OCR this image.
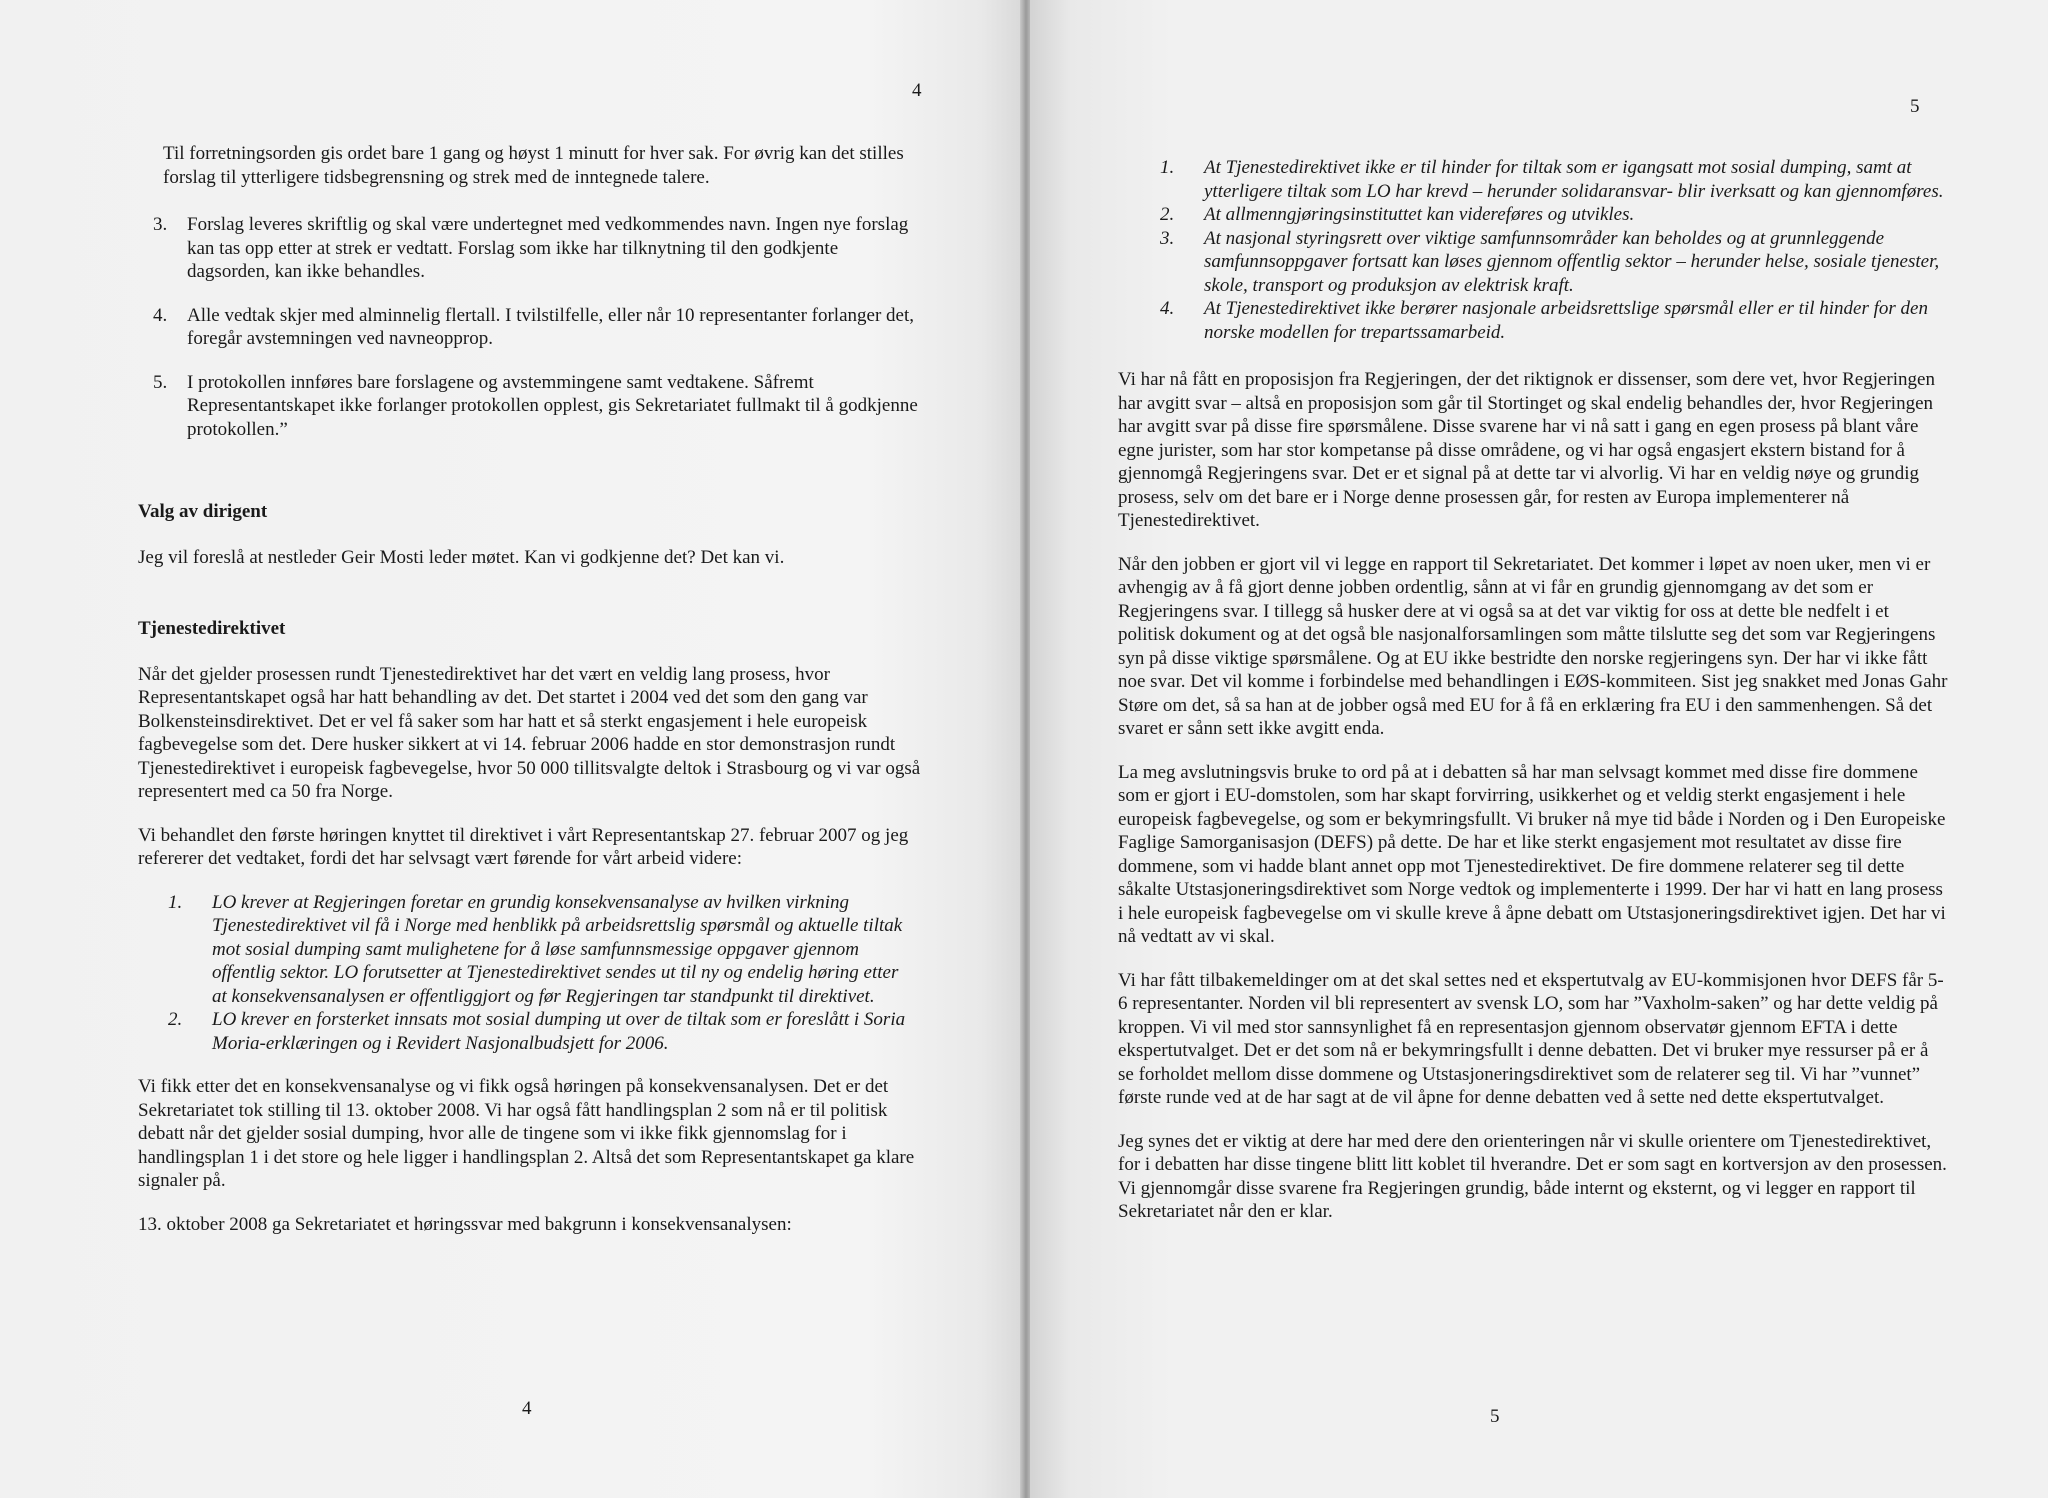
4

Til forretningsorden gis ordet bare 1 gang og høyst 1 minutt for hver sak. For øvrig kan det stilles forslag til ytterligere tidsbegrensning og strek med de inntegnede talere.

3.	Forslag leveres skriftlig og skal være undertegnet med vedkommendes navn. Ingen nye forslag kan tas opp etter at strek er vedtatt. Forslag som ikke har tilknytning til den godkjente dagsorden, kan ikke behandles.
4.	Alle vedtak skjer med alminnelig flertall. I tvilstilfelle, eller når 10 representanter forlanger det, foregår avstemningen ved navneopprop.
5.	I protokollen innføres bare forslagene og avstemmingene samt vedtakene. Såfremt Representantskapet ikke forlanger protokollen opplest, gis Sekretariatet fullmakt til å godkjenne protokollen.”
Valg av dirigent

Jeg vil foreslå at nestleder Geir Mosti leder møtet. Kan vi godkjenne det? Det kan vi.

Tjenestedirektivet

Når det gjelder prosessen rundt Tjenestedirektivet har det vært en veldig lang prosess, hvor Representantskapet også har hatt behandling av det. Det startet i 2004 ved det som den gang var Bolkensteinsdirektivet. Det er vel få saker som har hatt et så sterkt engasjement i hele europeisk fagbevegelse som det. Dere husker sikkert at vi 14. februar 2006 hadde en stor demonstrasjon rundt Tjenestedirektivet i europeisk fagbevegelse, hvor 50 000 tillitsvalgte deltok i Strasbourg og vi var også representert med ca 50 fra Norge.

Vi behandlet den første høringen knyttet til direktivet i vårt Representantskap 27. februar 2007 og jeg refererer det vedtaket, fordi det har selvsagt vært førende for vårt arbeid videre:

1.	LO krever at Regjeringen foretar en grundig konsekvensanalyse av hvilken virkning Tjenestedirektivet vil få i Norge med henblikk på arbeidsrettslig spørsmål og aktuelle tiltak mot sosial dumping samt mulighetene for å løse samfunnsmessige oppgaver gjennom offentlig sektor. LO forutsetter at Tjenestedirektivet sendes ut til ny og endelig høring etter at konsekvensanalysen er offentliggjort og før Regjeringen tar standpunkt til direktivet.
2.	LO krever en forsterket innsats mot sosial dumping ut over de tiltak som er foreslått i Soria Moria-erklæringen og i Revidert Nasjonalbudsjett for 2006.

Vi fikk etter det en konsekvensanalyse og vi fikk også høringen på konsekvensanalysen. Det er det Sekretariatet tok stilling til 13. oktober 2008. Vi har også fått handlingsplan 2 som nå er til politisk debatt når det gjelder sosial dumping, hvor alle de tingene som vi ikke fikk gjennomslag for i handlingsplan 1 i det store og hele ligger i handlingsplan 2. Altså det som Representantskapet ga klare signaler på.

13. oktober 2008 ga Sekretariatet et høringssvar med bakgrunn i konsekvensanalysen:

4
5
1.	At Tjenestedirektivet ikke er til hinder for tiltak som er igangsatt mot sosial dumping, samt at ytterligere tiltak som LO har krevd – herunder solidaransvar- blir iverksatt og kan gjennomføres.
2.	At allmenngjøringsinstituttet kan videreføres og utvikles.
3.	At nasjonal styringsrett over viktige samfunnsområder kan beholdes og at grunnleggende samfunnsoppgaver fortsatt kan løses gjennom offentlig sektor – herunder helse, sosiale tjenester, skole, transport og produksjon av elektrisk kraft.
4.	At Tjenestedirektivet ikke berører nasjonale arbeidsrettslige spørsmål eller er til hinder for den norske modellen for trepartssamarbeid.

Vi har nå fått en proposisjon fra Regjeringen, der det riktignok er dissenser, som dere vet, hvor Regjeringen har avgitt svar – altså en proposisjon som går til Stortinget og skal endelig behandles der, hvor Regjeringen har avgitt svar på disse fire spørsmålene. Disse svarene har vi nå satt i gang en egen prosess på blant våre egne jurister, som har stor kompetanse på disse områdene, og vi har også engasjert ekstern bistand for å gjennomgå Regjeringens svar. Det er et signal på at dette tar vi alvorlig. Vi har en veldig nøye og grundig prosess, selv om det bare er i Norge denne prosessen går, for resten av Europa implementerer nå Tjenestedirektivet.

Når den jobben er gjort vil vi legge en rapport til Sekretariatet. Det kommer i løpet av noen uker, men vi er avhengig av å få gjort denne jobben ordentlig, sånn at vi får en grundig gjennomgang av det som er Regjeringens svar. I tillegg så husker dere at vi også sa at det var viktig for oss at dette ble nedfelt i et politisk dokument og at det også ble nasjonalforsamlingen som måtte tilslutte seg det som var Regjeringens syn på disse viktige spørsmålene. Og at EU ikke bestridte den norske regjeringens syn. Der har vi ikke fått noe svar. Det vil komme i forbindelse med behandlingen i EØS-kommiteen. Sist jeg snakket med Jonas Gahr Støre om det, så sa han at de jobber også med EU for å få en erklæring fra EU i den sammenhengen. Så det svaret er sånn sett ikke avgitt enda.

La meg avslutningsvis bruke to ord på at i debatten så har man selvsagt kommet med disse fire dommene som er gjort i EU-domstolen, som har skapt forvirring, usikkerhet og et veldig sterkt engasjement i hele europeisk fagbevegelse, og som er bekymringsfullt. Vi bruker nå mye tid både i Norden og i Den Europeiske Faglige Samorganisasjon (DEFS) på dette. De har et like sterkt engasjement mot resultatet av disse fire dommene, som vi hadde blant annet opp mot Tjenestedirektivet. De fire dommene relaterer seg til dette såkalte Utstasjoneringsdirektivet som Norge vedtok og implementerte i 1999. Der har vi hatt en lang prosess i hele europeisk fagbevegelse om vi skulle kreve å åpne debatt om Utstasjoneringsdirektivet igjen. Det har vi nå vedtatt av vi skal.

Vi har fått tilbakemeldinger om at det skal settes ned et ekspertutvalg av EU-kommisjonen hvor DEFS får 5-6 representanter. Norden vil bli representert av svensk LO, som har ”Vaxholm-saken” og har dette veldig på kroppen. Vi vil med stor sannsynlighet få en representasjon gjennom observatør gjennom EFTA i dette ekspertutvalget. Det er det som nå er bekymringsfullt i denne debatten. Det vi bruker mye ressurser på er å se forholdet mellom disse dommene og Utstasjoneringsdirektivet som de relaterer seg til. Vi har ”vunnet” første runde ved at de har sagt at de vil åpne for denne debatten ved å sette ned dette ekspertutvalget.

Jeg synes det er viktig at dere har med dere den orienteringen når vi skulle orientere om Tjenestedirektivet, for i debatten har disse tingene blitt litt koblet til hverandre. Det er som sagt en kortversjon av den prosessen. Vi gjennomgår disse svarene fra Regjeringen grundig, både internt og eksternt, og vi legger en rapport til Sekretariatet når den er klar.

5
